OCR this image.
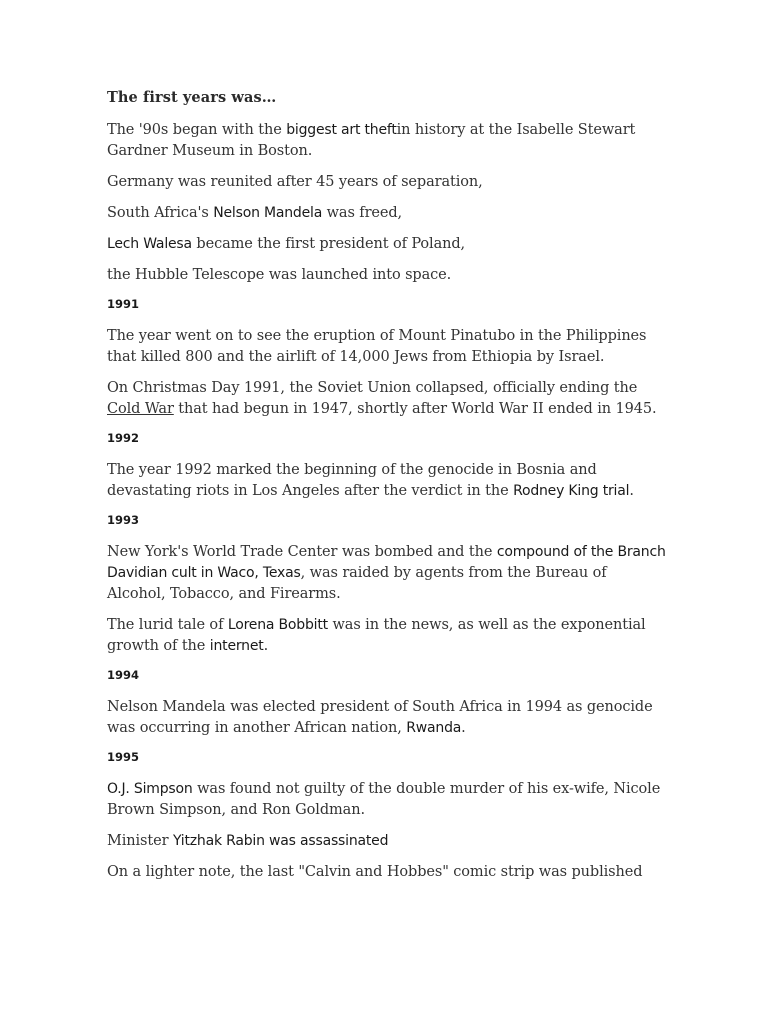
The first years was…

The '90s began with the biggest art theftin history at the Isabelle Stewart Gardner Museum in Boston.

Germany was reunited after 45 years of separation,

South Africa's Nelson Mandela was freed,

Lech Walesa became the first president of Poland,

the Hubble Telescope was launched into space.

1991

The year went on to see the eruption of Mount Pinatubo in the Philippines that killed 800 and the airlift of 14,000 Jews from Ethiopia by Israel.

On Christmas Day 1991, the Soviet Union collapsed, officially ending the Cold War that had begun in 1947, shortly after World War II ended in 1945.

1992

The year 1992 marked the beginning of the genocide in Bosnia and devastating riots in Los Angeles after the verdict in the Rodney King trial.

1993

New York's World Trade Center was bombed and the compound of the Branch Davidian cult in Waco, Texas, was raided by agents from the Bureau of Alcohol, Tobacco, and Firearms.

The lurid tale of Lorena Bobbitt was in the news, as well as the exponential growth of the internet.

1994

Nelson Mandela was elected president of South Africa in 1994 as genocide was occurring in another African nation, Rwanda.

1995

O.J. Simpson was found not guilty of the double murder of his ex-wife, Nicole Brown Simpson, and Ron Goldman.

Minister Yitzhak Rabin was assassinated

On a lighter note, the last "Calvin and Hobbes" comic strip was published
